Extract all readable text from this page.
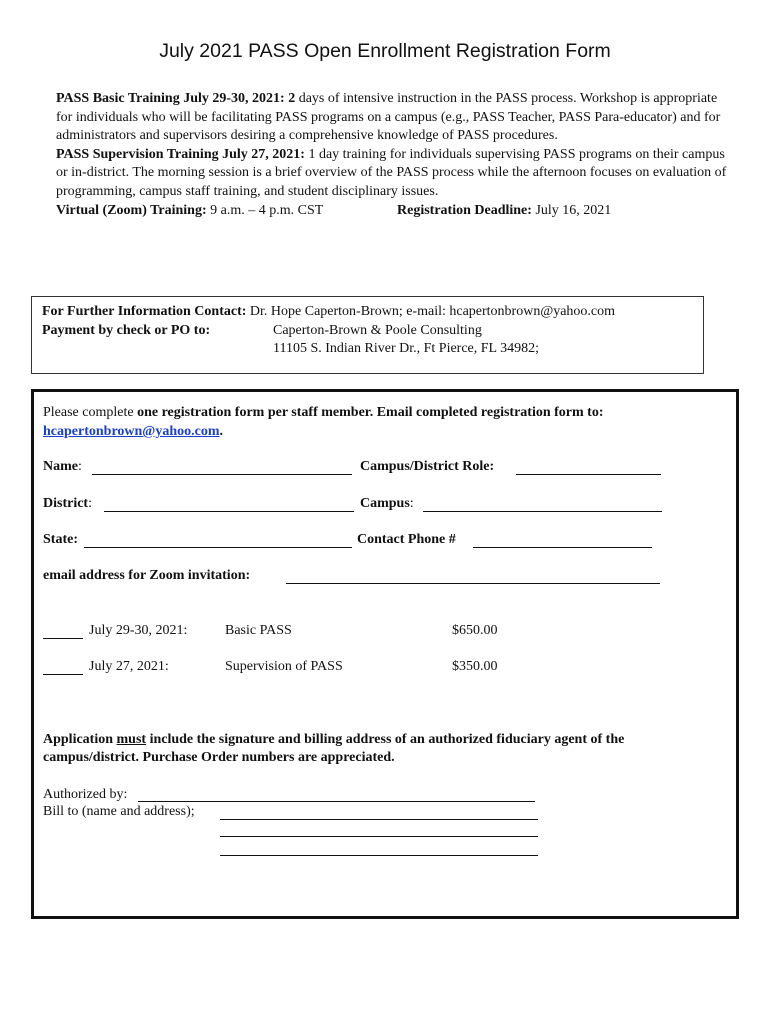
July 2021 PASS Open Enrollment Registration Form

PASS Basic Training July 29-30, 2021: 2 days of intensive instruction in the PASS process. Workshop is appropriate for individuals who will be facilitating PASS programs on a campus (e.g., PASS Teacher, PASS Para-educator) and for administrators and supervisors desiring a comprehensive knowledge of PASS procedures.

PASS Supervision Training July 27, 2021: 1 day training for individuals supervising PASS programs on their campus or in-district. The morning session is a brief overview of the PASS process while the afternoon focuses on evaluation of programming, campus staff training, and student disciplinary issues.

Virtual (Zoom) Training: 9 a.m. – 4 p.m. CST	Registration Deadline: July 16, 2021
For Further Information Contact: Dr. Hope Caperton-Brown; e-mail: hcapertonbrown@yahoo.com
Payment by check or PO to:	Caperton-Brown & Poole Consulting
11105 S. Indian River Dr., Ft Pierce, FL 34982;
Please complete one registration form per staff member. Email completed registration form to:
hcapertonbrown@yahoo.com.
Name:	Campus/District Role:
District:	Campus:
State:	Contact Phone #
email address for Zoom invitation:
July 29-30, 2021:	Basic PASS	$650.00
July 27, 2021:	Supervision of PASS	$350.00
Application must include the signature and billing address of an authorized fiduciary agent of the
campus/district. Purchase Order numbers are appreciated.
Authorized by:
Bill to (name and address);
